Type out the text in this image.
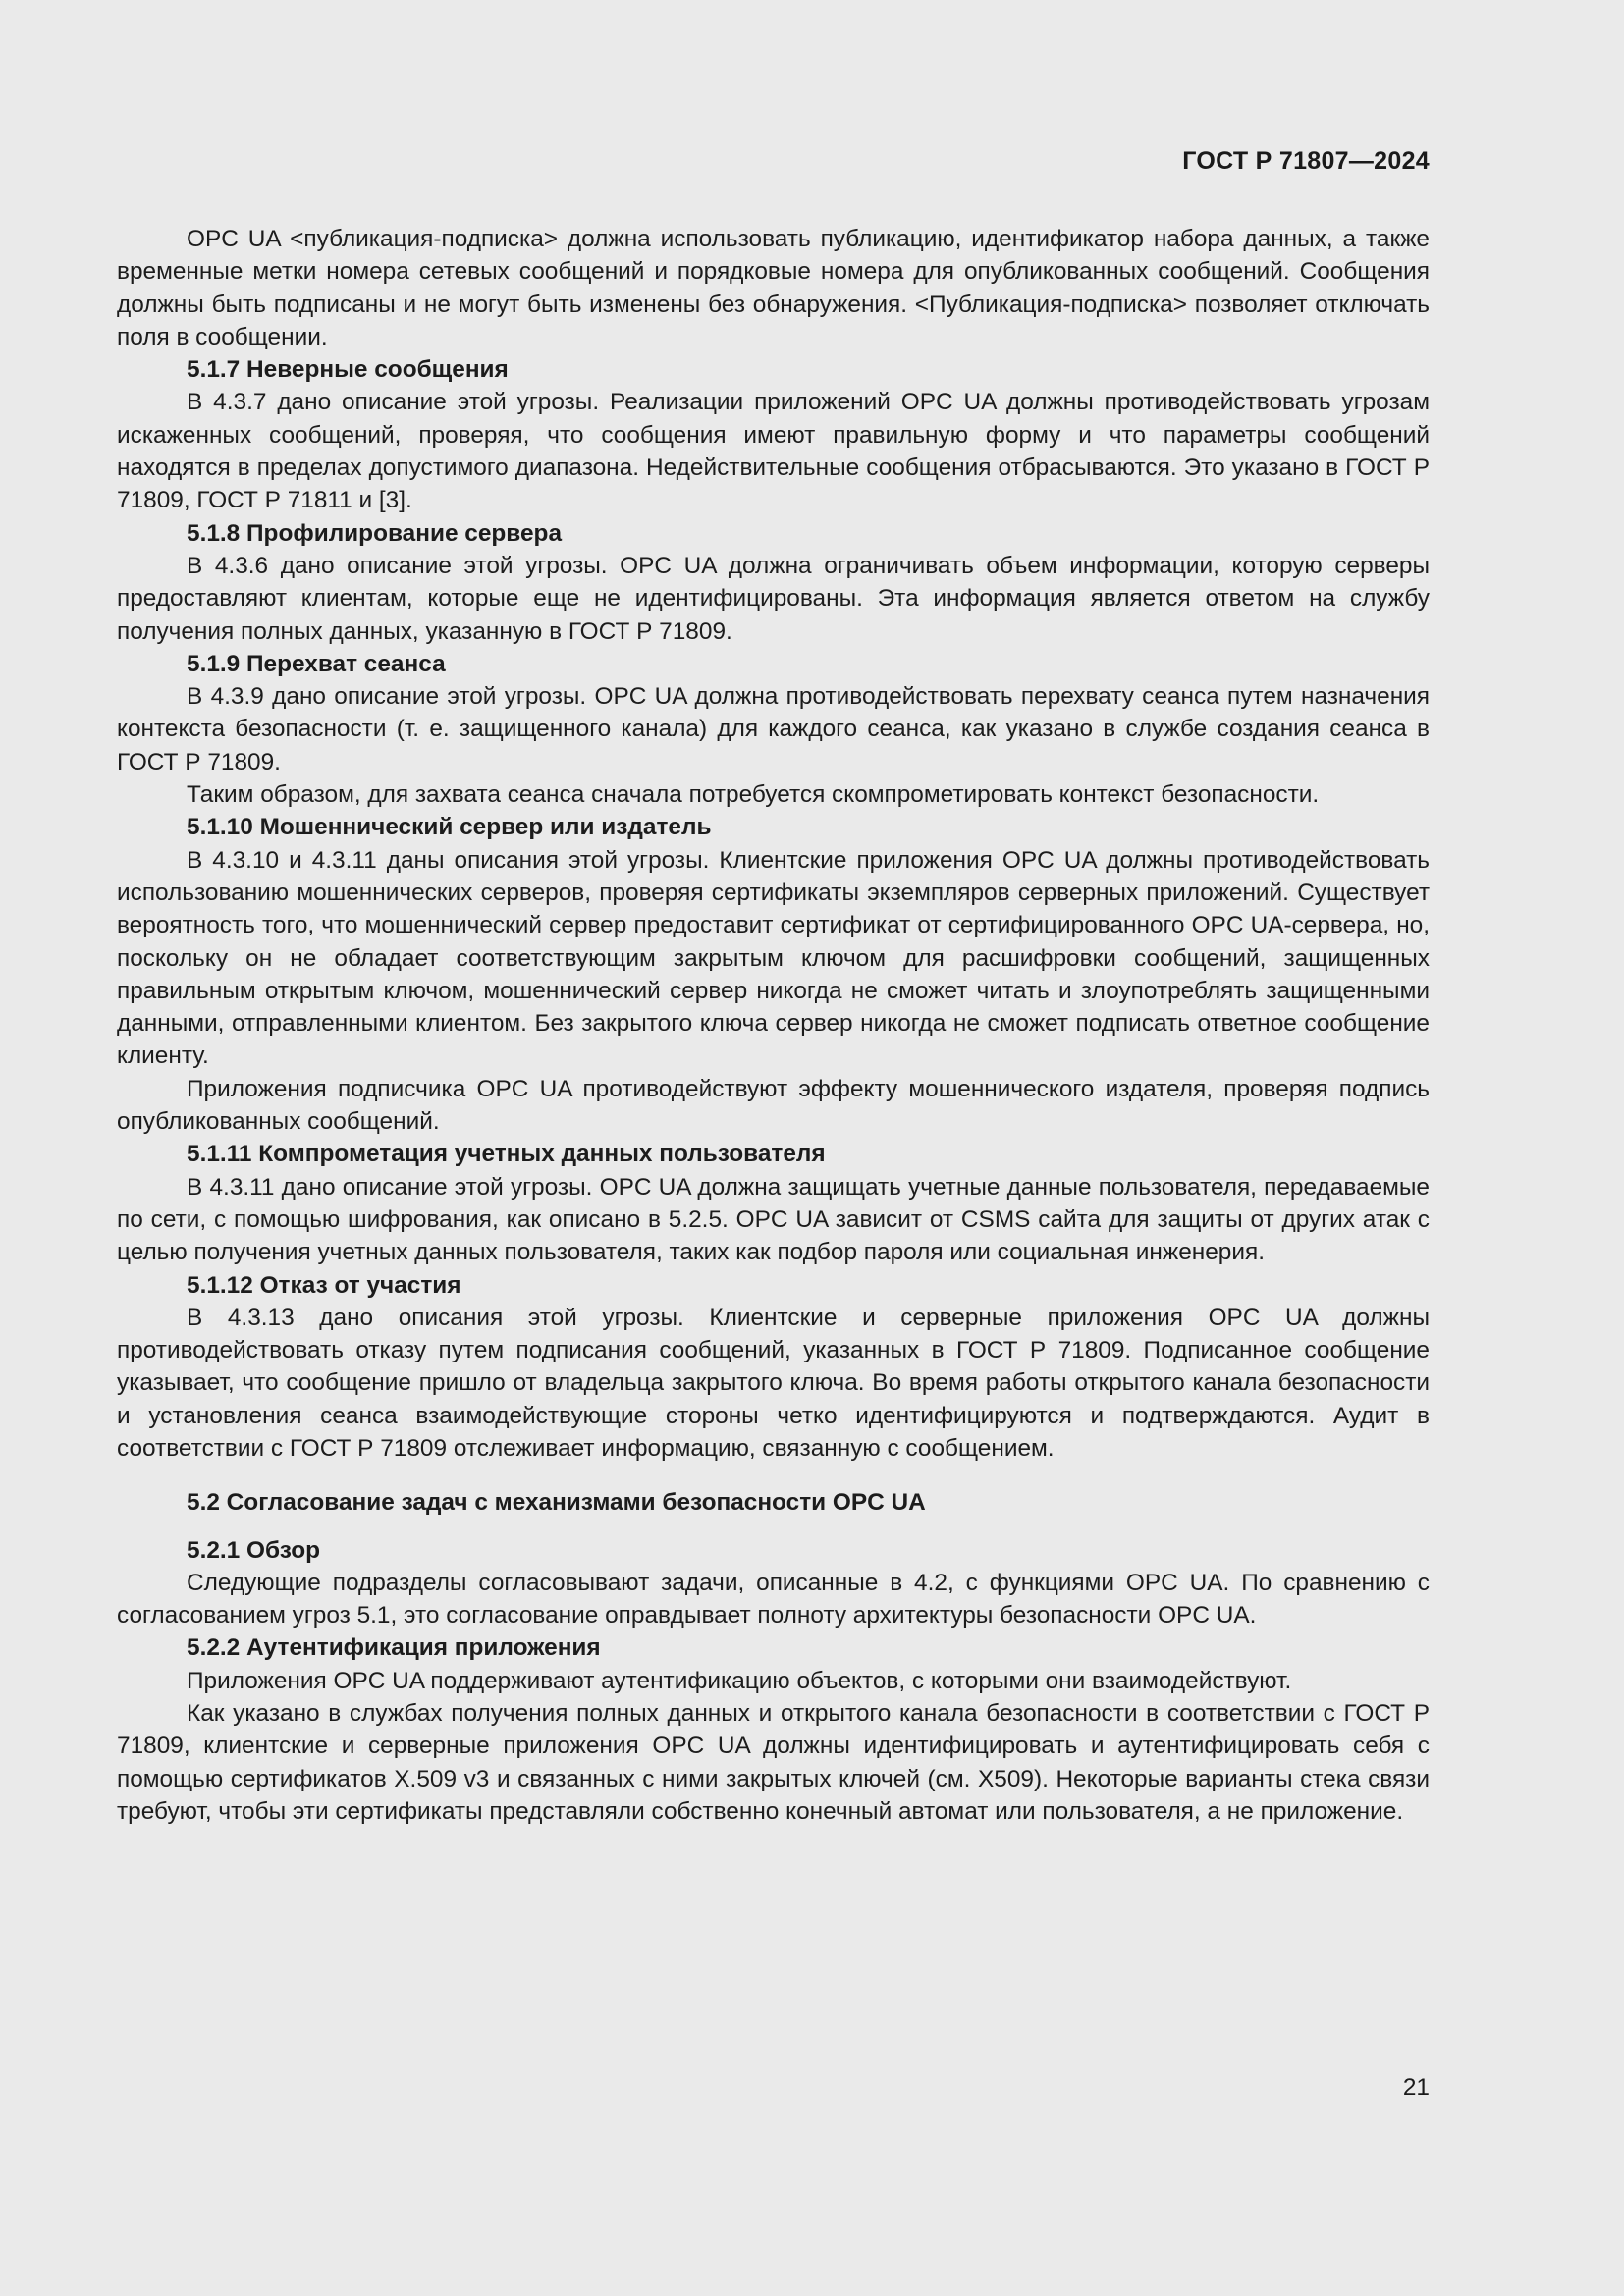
ГОСТ Р 71807—2024

OPC UA <публикация-подписка> должна использовать публикацию, идентификатор набора данных, а также временные метки номера сетевых сообщений и порядковые номера для опубликованных сообщений. Сообщения должны быть подписаны и не могут быть изменены без обнаружения. <Публикация-подписка> позволяет отключать поля в сообщении.

5.1.7 Неверные сообщения

В 4.3.7 дано описание этой угрозы. Реализации приложений OPC UA должны противодействовать угрозам искаженных сообщений, проверяя, что сообщения имеют правильную форму и что параметры сообщений находятся в пределах допустимого диапазона. Недействительные сообщения отбрасываются. Это указано в ГОСТ Р 71809, ГОСТ Р 71811 и [3].

5.1.8 Профилирование сервера

В 4.3.6 дано описание этой угрозы. OPC UA должна ограничивать объем информации, которую серверы предоставляют клиентам, которые еще не идентифицированы. Эта информация является ответом на службу получения полных данных, указанную в ГОСТ Р 71809.

5.1.9 Перехват сеанса

В 4.3.9 дано описание этой угрозы. OPC UA должна противодействовать перехвату сеанса путем назначения контекста безопасности (т. е. защищенного канала) для каждого сеанса, как указано в службе создания сеанса в ГОСТ Р 71809.

Таким образом, для захвата сеанса сначала потребуется скомпрометировать контекст безопасности.

5.1.10 Мошеннический сервер или издатель

В 4.3.10 и 4.3.11 даны описания этой угрозы. Клиентские приложения OPC UA должны противодействовать использованию мошеннических серверов, проверяя сертификаты экземпляров серверных приложений. Существует вероятность того, что мошеннический сервер предоставит сертификат от сертифицированного OPC UA-сервера, но, поскольку он не обладает соответствующим закрытым ключом для расшифровки сообщений, защищенных правильным открытым ключом, мошеннический сервер никогда не сможет читать и злоупотреблять защищенными данными, отправленными клиентом. Без закрытого ключа сервер никогда не сможет подписать ответное сообщение клиенту.

Приложения подписчика OPC UA противодействуют эффекту мошеннического издателя, проверяя подпись опубликованных сообщений.

5.1.11 Компрометация учетных данных пользователя

В 4.3.11 дано описание этой угрозы. OPC UA должна защищать учетные данные пользователя, передаваемые по сети, с помощью шифрования, как описано в 5.2.5. OPC UA зависит от CSMS сайта для защиты от других атак с целью получения учетных данных пользователя, таких как подбор пароля или социальная инженерия.

5.1.12 Отказ от участия

В 4.3.13 дано описания этой угрозы. Клиентские и серверные приложения OPC UA должны противодействовать отказу путем подписания сообщений, указанных в ГОСТ Р 71809. Подписанное сообщение указывает, что сообщение пришло от владельца закрытого ключа. Во время работы открытого канала безопасности и установления сеанса взаимодействующие стороны четко идентифицируются и подтверждаются. Аудит в соответствии с ГОСТ Р 71809 отслеживает информацию, связанную с сообщением.

5.2 Согласование задач с механизмами безопасности OPC UA
5.2.1 Обзор

Следующие подразделы согласовывают задачи, описанные в 4.2, с функциями OPC UA. По сравнению с согласованием угроз 5.1, это согласование оправдывает полноту архитектуры безопасности OPC UA.

5.2.2 Аутентификация приложения

Приложения OPC UA поддерживают аутентификацию объектов, с которыми они взаимодействуют.

Как указано в службах получения полных данных и открытого канала безопасности в соответствии с ГОСТ Р 71809, клиентские и серверные приложения OPC UA должны идентифицировать и аутентифицировать себя с помощью сертификатов X.509 v3 и связанных с ними закрытых ключей (см. X509). Некоторые варианты стека связи требуют, чтобы эти сертификаты представляли собственно конечный автомат или пользователя, а не приложение.

21
